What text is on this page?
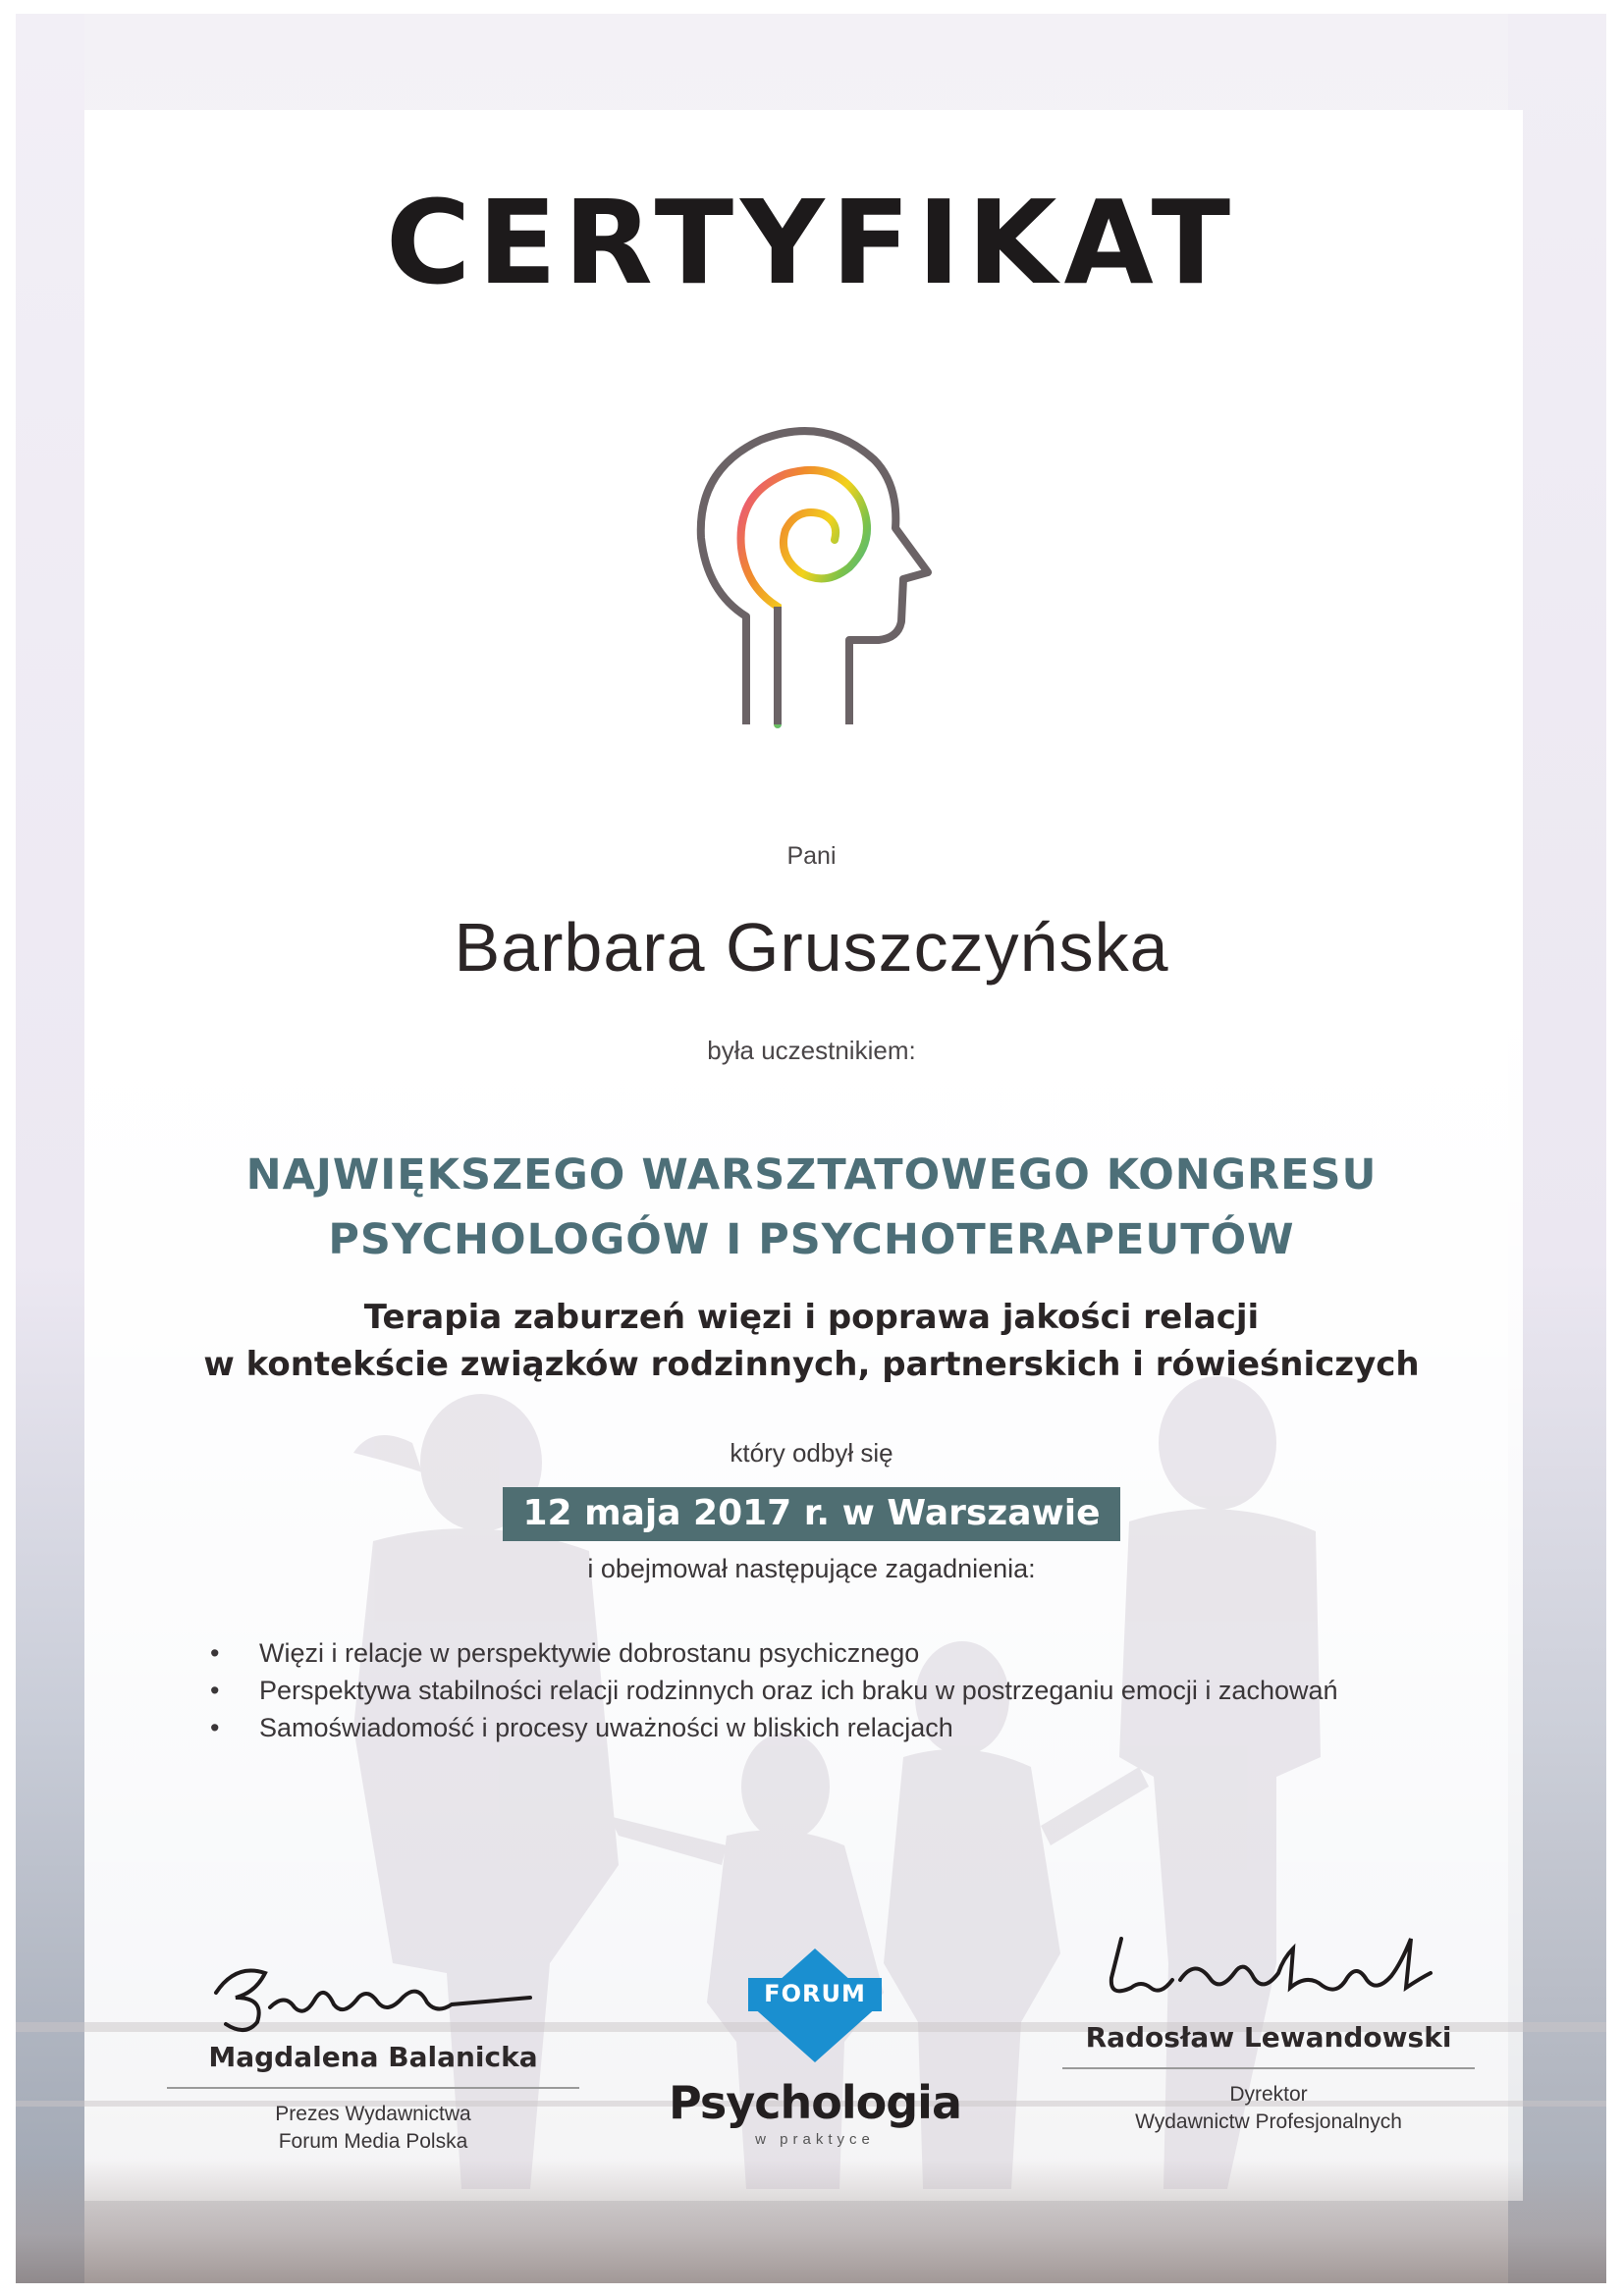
CERTYFIKAT
Pani
Barbara Gruszczyńska
była uczestnikiem:
NAJWIĘKSZEGO WARSZTATOWEGO KONGRESU
PSYCHOLOGÓW I PSYCHOTERAPEUTÓW
Terapia zaburzeń więzi i poprawa jakości relacji
w kontekście związków rodzinnych, partnerskich i rówieśniczych
który odbył się
12 maja 2017 r. w Warszawie
i obejmował następujące zagadnienia:
• Więzi i relacje w perspektywie dobrostanu psychicznego
• Perspektywa stabilności relacji rodzinnych oraz ich braku w postrzeganiu emocji i zachowań
• Samoświadomość i procesy uważności w bliskich relacjach
Magdalena Balanicka
Prezes Wydawnictwa
Forum Media Polska
FORUM
Psychologia
w praktyce
Radosław Lewandowski
Dyrektor
Wydawnictw Profesjonalnych
